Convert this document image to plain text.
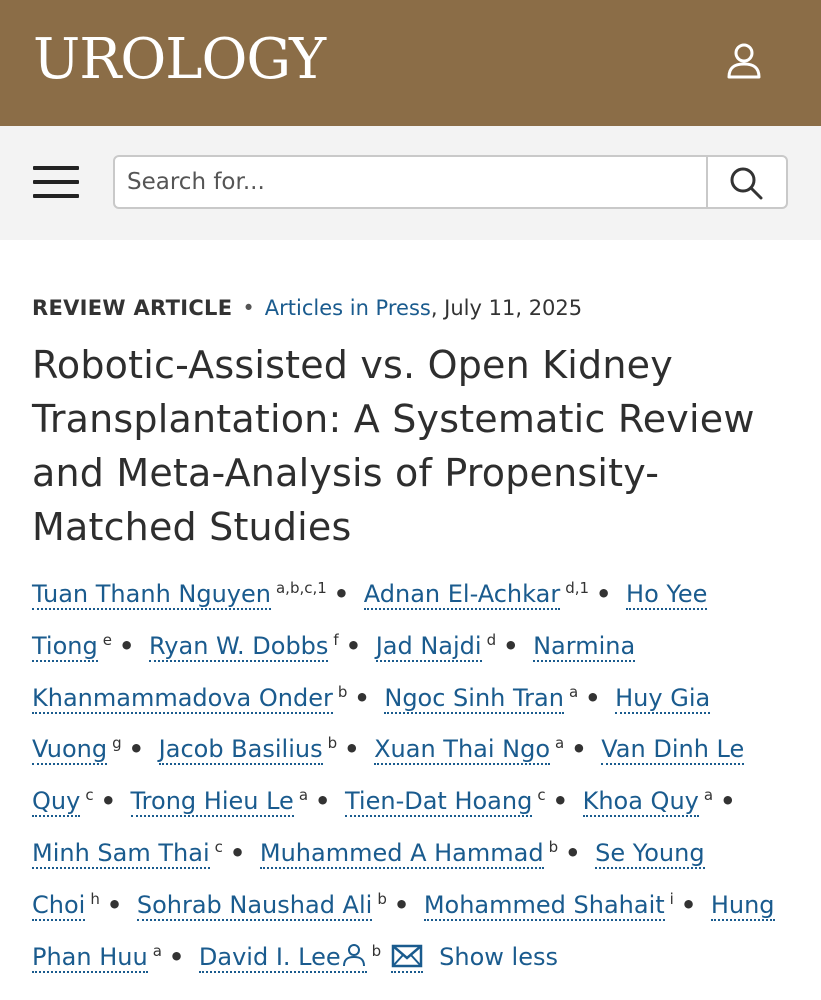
UROLOGY
Search for...
REVIEW ARTICLE • Articles in Press, July 11, 2025
Robotic-Assisted vs. Open Kidney Transplantation: A Systematic Review and Meta-Analysis of Propensity-Matched Studies
Tuan Thanh Nguyen $^{a,b,c,1}$ • Adnan El-Achkar $^{d,1}$ • Ho Yee Tiong $^e$ • Ryan W. Dobbs $^f$ • Jad Najdi $^d$ • Narmina Khanmammadova Onder $^b$ • Ngoc Sinh Tran $^a$ • Huy Gia Vuong $^g$ • Jacob Basilius $^b$ • Xuan Thai Ngo $^a$ • Van Dinh Le Quy $^c$ • Trong Hieu Le $^a$ • Tien-Dat Hoang $^c$ • Khoa Quy $^a$ • Minh Sam Thai $^c$ • Muhammed A Hammad $^b$ • Se Young Choi $^h$ • Sohrab Naushad Ali $^b$ • Mohammed Shahait $^i$ • Hung Phan Huu $^a$ • David I. Lee $^b$ Show less
